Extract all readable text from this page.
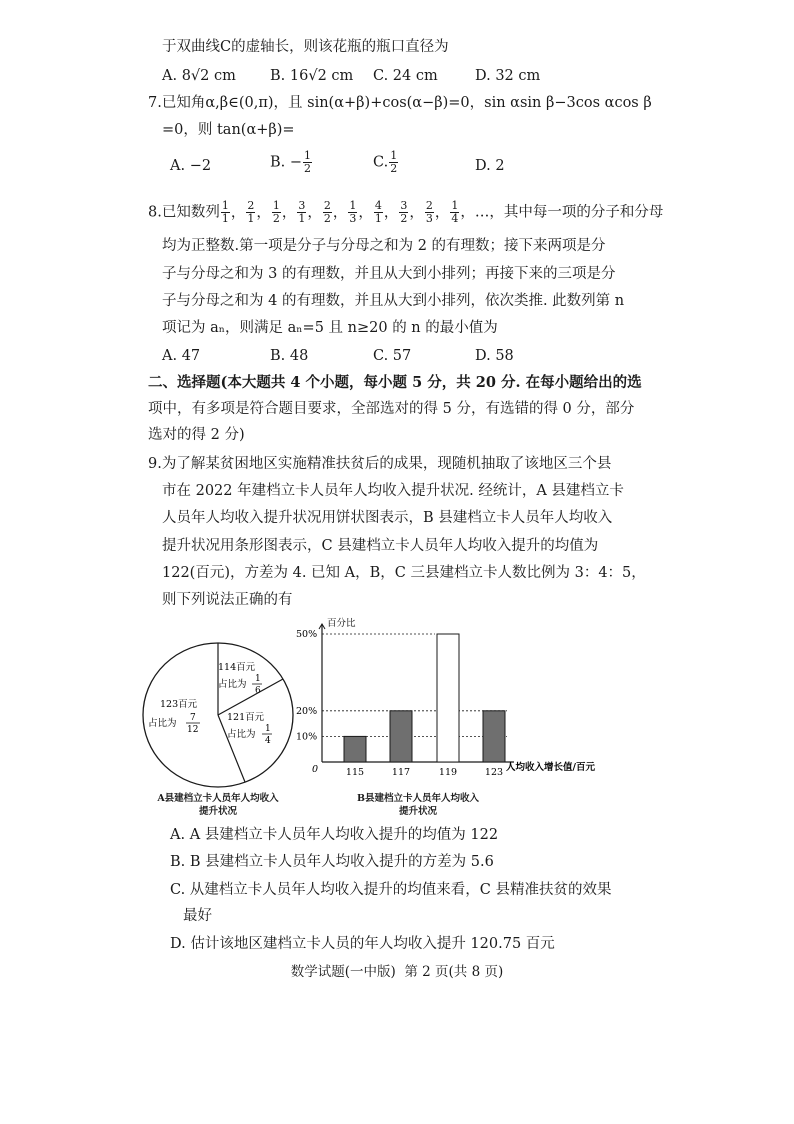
于双曲线C的虚轴长，则该花瓶的瓶口直径为
A. 8√2 cm B. 16√2 cm C. 24 cm	D. 32 cm
7.已知角α,β∈(0,π)，且 sin(α+β)+cos(α−β)=0，sin αsin β−3cos αcos β
=0，则 tan(α+β)=
A. −2	B. − $\frac{1}{2}$	C. $\frac{1}{2}$	D. 2
8.已知数列 $\frac{1}{1}$ ， $\frac{2}{1}$ ， $\frac{1}{2}$ ， $\frac{3}{1}$ ， $\frac{2}{2}$ ， $\frac{1}{3}$ ， $\frac{4}{1}$ ， $\frac{3}{2}$ ， $\frac{2}{3}$ ， $\frac{1}{4}$ ，…，其中每一项的分子和分母
均为正整数.第一项是分子与分母之和为 2 的有理数；接下来两项是分
子与分母之和为 3 的有理数，并且从大到小排列；再接下来的三项是分
子与分母之和为 4 的有理数，并且从大到小排列，依次类推. 此数列第 n
项记为 aₙ，则满足 aₙ=5 且 n≥20 的 n 的最小值为
A. 47	B. 48	C. 57	D. 58
二、选择题(本大题共 4 个小题，每小题 5 分，共 20 分. 在每小题给出的选
项中，有多项是符合题目要求，全部选对的得 5 分，有选错的得 0 分，部分
选对的得 2 分)
9.为了解某贫困地区实施精准扶贫后的成果，现随机抽取了该地区三个县
市在 2022 年建档立卡人员年人均收入提升状况. 经统计，A 县建档立卡
人员年人均收入提升状况用饼状图表示，B 县建档立卡人员年人均收入
提升状况用条形图表示，C 县建档立卡人员年人均收入提升的均值为
122(百元)，方差为 4. 已知 A，B，C 三县建档立卡人数比例为 3：4：5，
则下列说法正确的有
114百元
占比为 1
6
121百元
占比为 1
4
123百元
占比为 7
12
A县建档立卡人员年人均收入
提升状况
百分比
0	人均收入增长值/百元
10%
20%
50%
115	117	119	123
B县建档立卡人员年人均收入
提升状况
A. A 县建档立卡人员年人均收入提升的均值为 122
B. B 县建档立卡人员年人均收入提升的方差为 5.6
C. 从建档立卡人员年人均收入提升的均值来看，C 县精准扶贫的效果
最好
D. 估计该地区建档立卡人员的年人均收入提升 120.75 百元
数学试题(一中版)  第 2 页(共 8 页)
